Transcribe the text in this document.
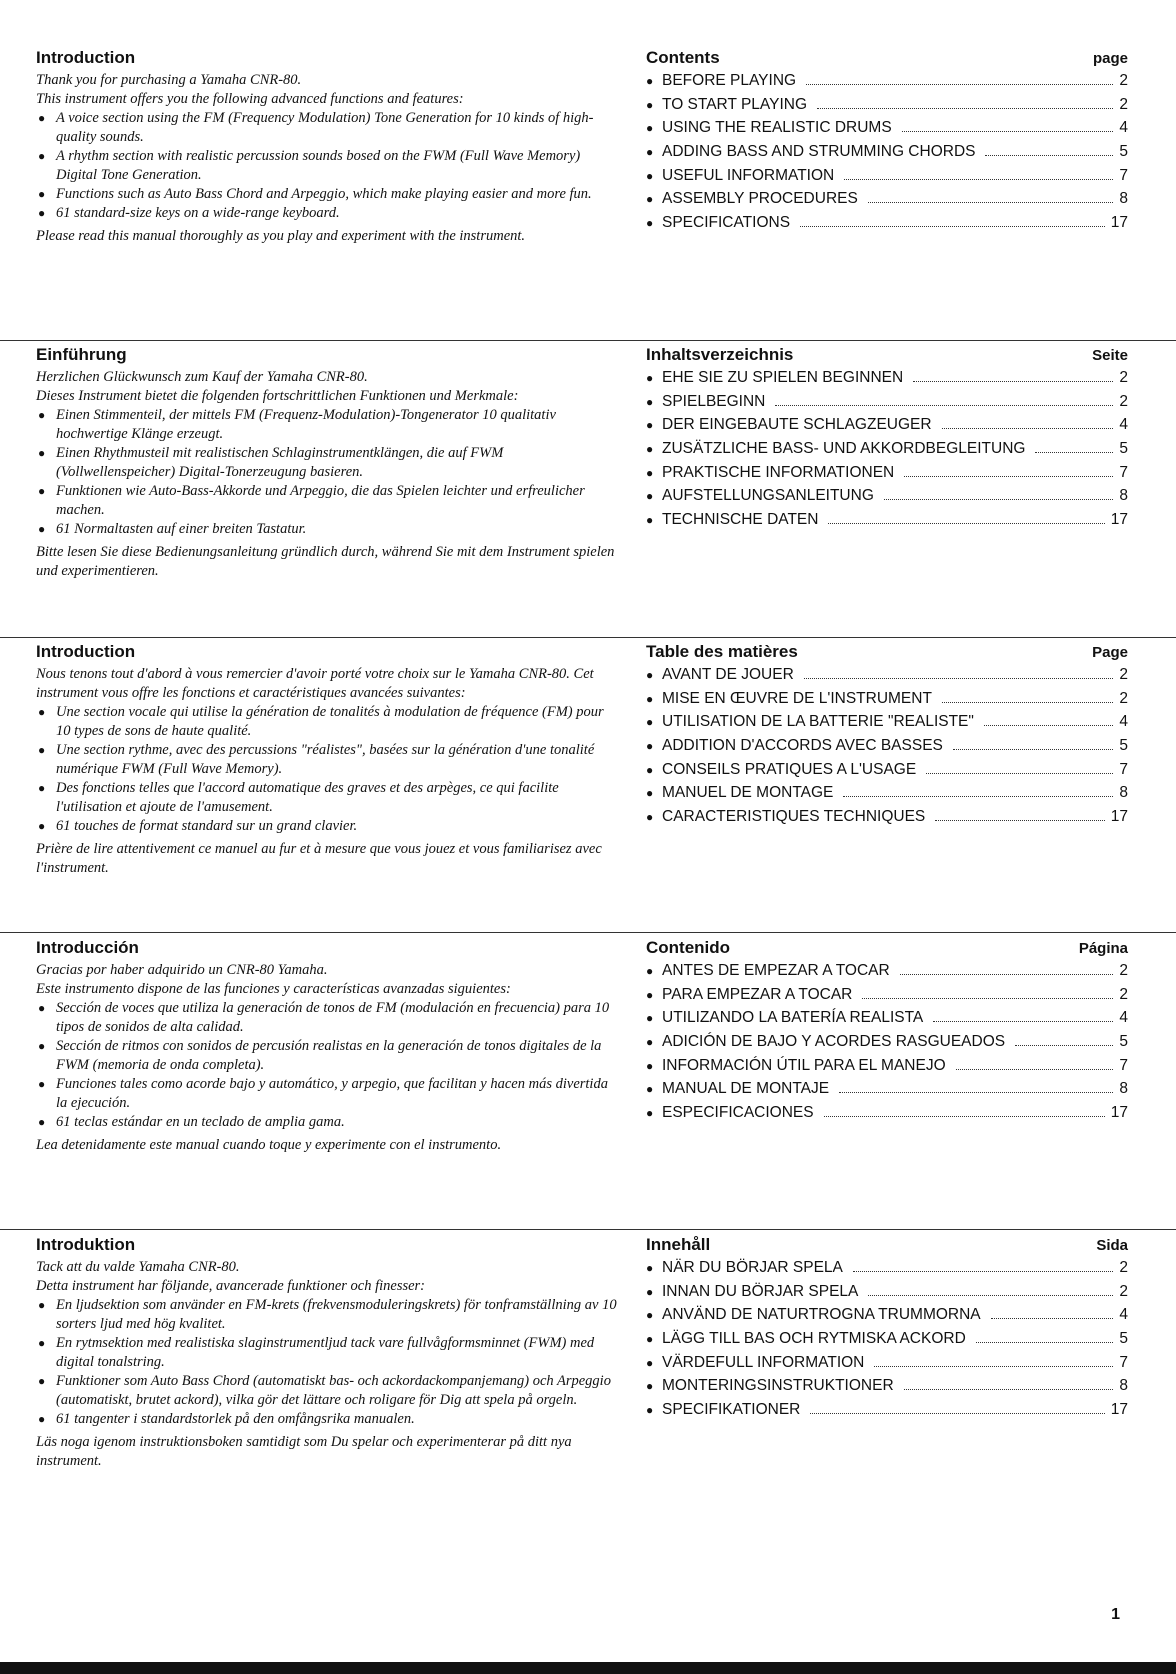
Introduction

Thank you for purchasing a Yamaha CNR-80.

This instrument offers you the following advanced functions and features:

● A voice section using the FM (Frequency Modulation) Tone Generation for 10 kinds of high-quality sounds.
● A rhythm section with realistic percussion sounds bosed on the FWM (Full Wave Memory) Digital Tone Generation.
● Functions such as Auto Bass Chord and Arpeggio, which make playing easier and more fun.
● 61 standard-size keys on a wide-range keyboard.

Please read this manual thoroughly as you play and experiment with the instrument.

Contents	page
● BEFORE PLAYING	2
● TO START PLAYING	2
● USING THE REALISTIC DRUMS	4
● ADDING BASS AND STRUMMING CHORDS	5
● USEFUL INFORMATION	7
● ASSEMBLY PROCEDURES	8
● SPECIFICATIONS	17
Einführung

Herzlichen Glückwunsch zum Kauf der Yamaha CNR-80.

Dieses Instrument bietet die folgenden fortschrittlichen Funktionen und Merkmale:

● Einen Stimmenteil, der mittels FM (Frequenz-Modulation)-Tongenerator 10 qualitativ hochwertige Klänge erzeugt.
● Einen Rhythmusteil mit realistischen Schlaginstrumentklängen, die auf FWM (Vollwellenspeicher) Digital-Tonerzeugung basieren.
● Funktionen wie Auto-Bass-Akkorde und Arpeggio, die das Spielen leichter und erfreulicher machen.
● 61 Normaltasten auf einer breiten Tastatur.

Bitte lesen Sie diese Bedienungsanleitung gründlich durch, während Sie mit dem Instrument spielen und experimentieren.

Inhaltsverzeichnis	Seite
● EHE SIE ZU SPIELEN BEGINNEN	2
● SPIELBEGINN	2
● DER EINGEBAUTE SCHLAGZEUGER	4
● ZUSÄTZLICHE BASS- UND AKKORDBEGLEITUNG	5
● PRAKTISCHE INFORMATIONEN	7
● AUFSTELLUNGSANLEITUNG	8
● TECHNISCHE DATEN	17
Introduction

Nous tenons tout d'abord à vous remercier d'avoir porté votre choix sur le Yamaha CNR-80. Cet instrument vous offre les fonctions et caractéristiques avancées suivantes:

● Une section vocale qui utilise la génération de tonalités à modulation de fréquence (FM) pour 10 types de sons de haute qualité.
● Une section rythme, avec des percussions "réalistes", basées sur la génération d'une tonalité numérique FWM (Full Wave Memory).
● Des fonctions telles que l'accord automatique des graves et des arpèges, ce qui facilite l'utilisation et ajoute de l'amusement.
● 61 touches de format standard sur un grand clavier.

Prière de lire attentivement ce manuel au fur et à mesure que vous jouez et vous familiarisez avec l'instrument.

Table des matières	Page
● AVANT DE JOUER	2
● MISE EN ŒUVRE DE L'INSTRUMENT	2
● UTILISATION DE LA BATTERIE "REALISTE"	4
● ADDITION D'ACCORDS AVEC BASSES	5
● CONSEILS PRATIQUES A L'USAGE	7
● MANUEL DE MONTAGE	8
● CARACTERISTIQUES TECHNIQUES	17
Introducción

Gracias por haber adquirido un CNR-80 Yamaha.

Este instrumento dispone de las funciones y características avanzadas siguientes:

● Sección de voces que utiliza la generación de tonos de FM (modulación en frecuencia) para 10 tipos de sonidos de alta calidad.
● Sección de ritmos con sonidos de percusión realistas en la generación de tonos digitales de la FWM (memoria de onda completa).
● Funciones tales como acorde bajo y automático, y arpegio, que facilitan y hacen más divertida la ejecución.
● 61 teclas estándar en un teclado de amplia gama.

Lea detenidamente este manual cuando toque y experimente con el instrumento.

Contenido	Página
● ANTES DE EMPEZAR A TOCAR	2
● PARA EMPEZAR A TOCAR	2
● UTILIZANDO LA BATERÍA REALISTA	4
● ADICIÓN DE BAJO Y ACORDES RASGUEADOS	5
● INFORMACIÓN ÚTIL PARA EL MANEJO	7
● MANUAL DE MONTAJE	8
● ESPECIFICACIONES	17
Introduktion

Tack att du valde Yamaha CNR-80.

Detta instrument har följande, avancerade funktioner och finesser:

● En ljudsektion som använder en FM-krets (frekvensmoduleringskrets) för tonframställning av 10 sorters ljud med hög kvalitet.
● En rytmsektion med realistiska slaginstrumentljud tack vare fullvågformsminnet (FWM) med digital tonalstring.
● Funktioner som Auto Bass Chord (automatiskt bas- och ackordackompanjemang) och Arpeggio (automatiskt, brutet ackord), vilka gör det lättare och roligare för Dig att spela på orgeln.
● 61 tangenter i standardstorlek på den omfångsrika manualen.

Läs noga igenom instruktionsboken samtidigt som Du spelar och experimenterar på ditt nya instrument.

Innehåll	Sida
● NÄR DU BÖRJAR SPELA	2
● INNAN DU BÖRJAR SPELA	2
● ANVÄND DE NATURTROGNA TRUMMORNA	4
● LÄGG TILL BAS OCH RYTMISKA ACKORD	5
● VÄRDEFULL INFORMATION	7
● MONTERINGSINSTRUKTIONER	8
● SPECIFIKATIONER	17
1
